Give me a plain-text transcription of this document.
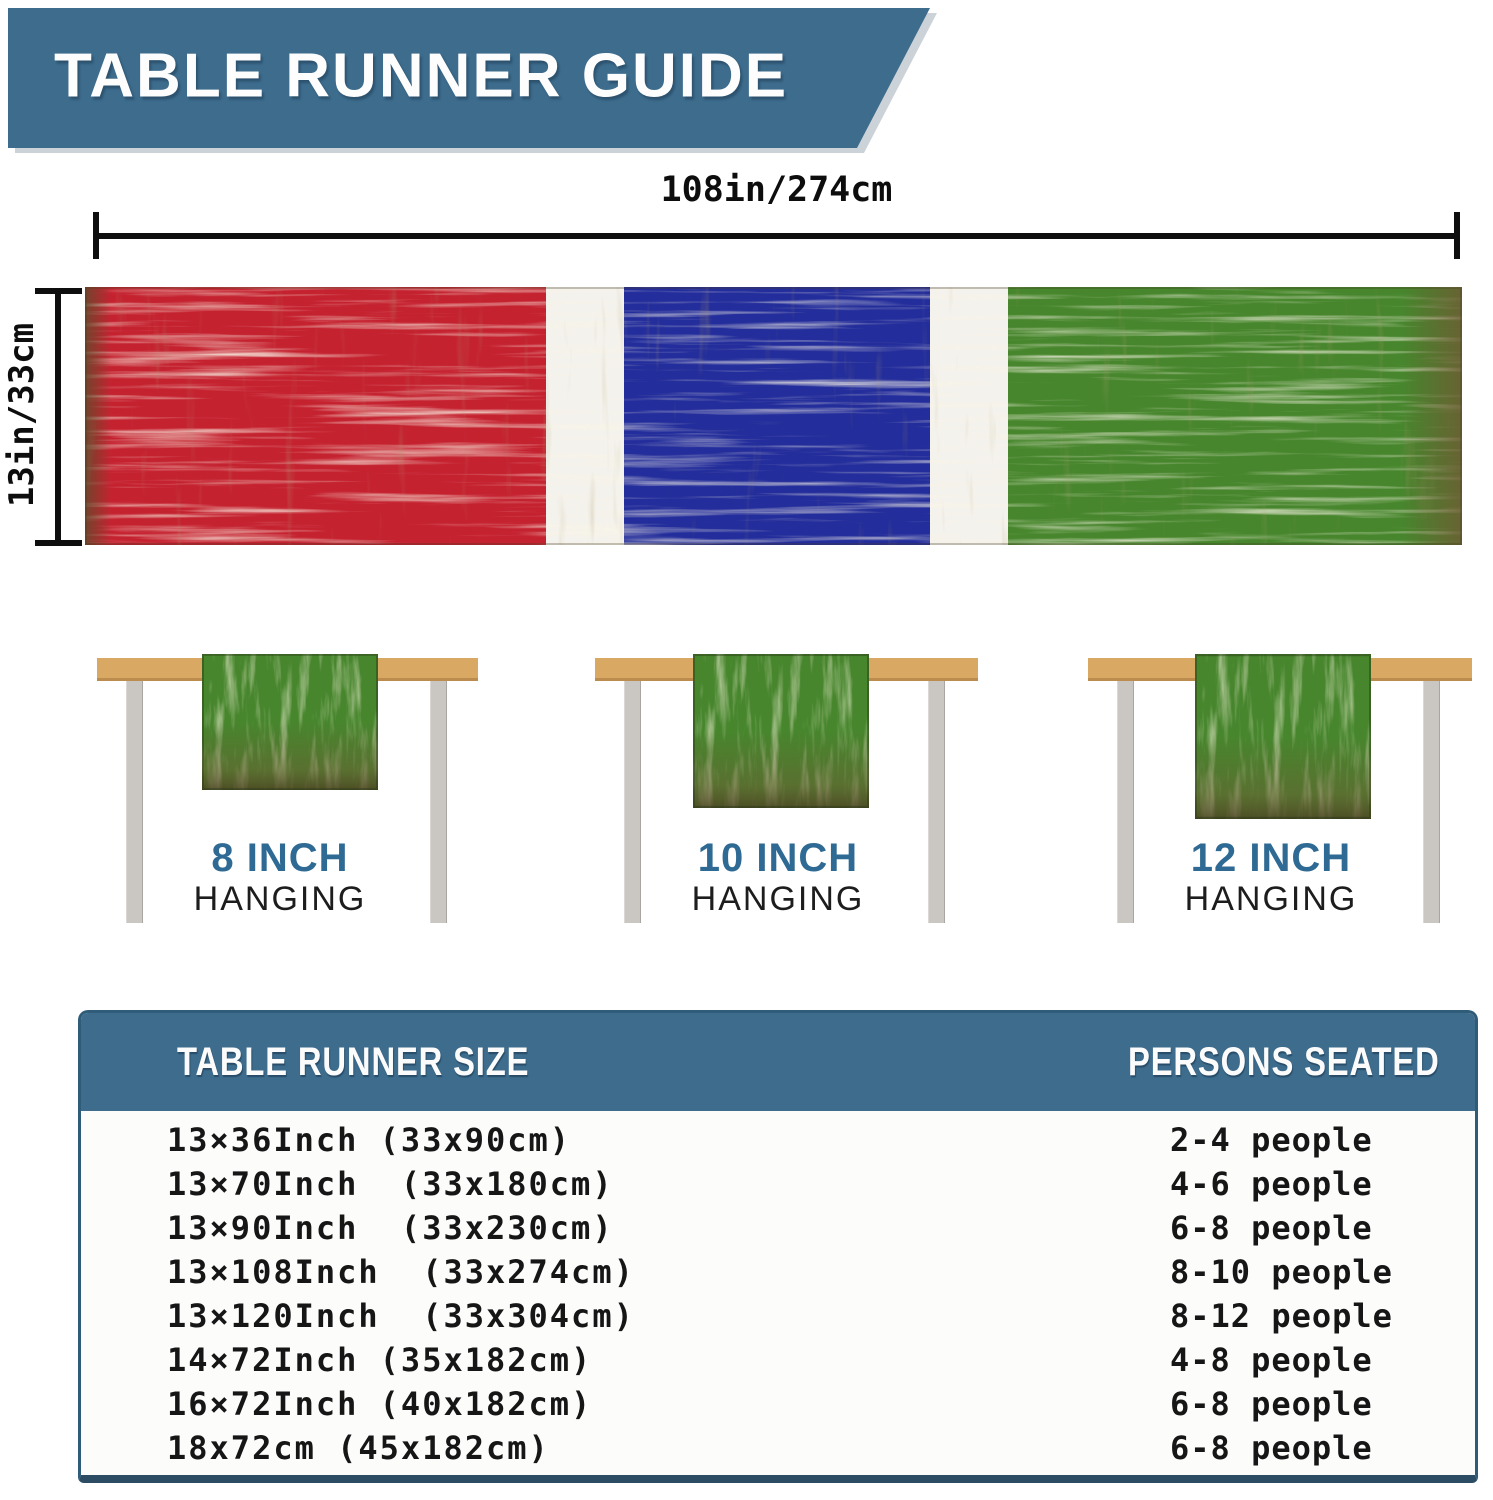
TABLE RUNNER GUIDE
108in/274cm
13in/33cm
8 INCH
HANGING
10 INCH
HANGING
12 INCH
HANGING
TABLE RUNNER SIZE	PERSONS SEATED
13×36Inch (33x90cm)	2-4 people
13×70Inch  (33x180cm)	4-6 people
13×90Inch  (33x230cm)	6-8 people
13×108Inch  (33x274cm)	8-10 people
13×120Inch  (33x304cm)	8-12 people
14×72Inch (35x182cm)	4-8 people
16×72Inch (40x182cm)	6-8 people
18x72cm (45x182cm)	6-8 people
